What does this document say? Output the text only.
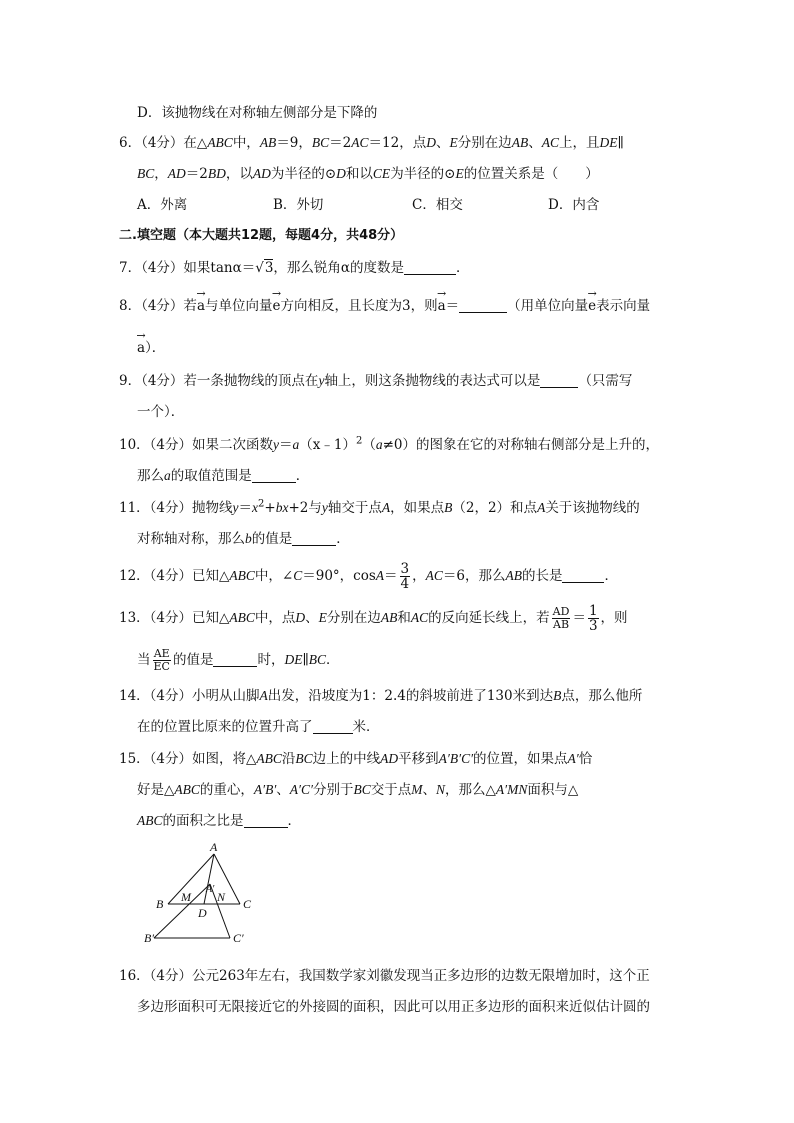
D．该抛物线在对称轴左侧部分是下降的
6．（4分）在△ABC中，AB＝9，BC＝2AC＝12，点D、E分别在边AB、AC上，且DE∥
BC，AD＝2BD，以AD为半径的⊙D和以CE为半径的⊙E的位置关系是（　　）
A．外离	B．外切	C．相交	D．内含
二.填空题（本大题共12题，每题4分，共48分）
7．（4分）如果tanα＝√3，那么锐角α的度数是	．
8．（4分）若→ a与单位向量→ e方向相反，且长度为3，则→ a＝	（用单位向量→ e表示向量
→ a）．
9．（4分）若一条抛物线的顶点在y轴上，则这条抛物线的表达式可以是	（只需写
一个）．
10．（4分）如果二次函数y＝a（x﹣1）$^2$（a≠0）的图象在它的对称轴右侧部分是上升的，
那么a的取值范围是	．
11．（4分）抛物线$y=x^2+bx+2$与y轴交于点A，如果点B（2，2）和点A关于该抛物线的
对称轴对称，那么b的值是	．
12．（4分）已知△ABC中，∠C＝90°，$\cos A= \frac{3}{4}$ ，AC＝6，那么AB的长是	．
13．（4分）已知△ABC中，点D、E分别在边AB和AC的反向延长线上，若 $\frac{AD}{AB} = \frac{1}{3}$ ，则
当 $\frac{AE}{EC}$ 的值是	时，DE∥BC．
14．（4分）小明从山脚A出发，沿坡度为1：2.4的斜坡前进了130米到达B点，那么他所
在的位置比原来的位置升高了	米．
15．（4分）如图，将△ABC沿BC边上的中线AD平移到A′B′C′的位置，如果点A′恰
好是△ABC的重心，A′B′、A′C′分别于BC交于点M、N，那么△A′MN面积与△
ABC的面积之比是	．
A
B	C
M N
A′
D
B′	C′
16．（4分）公元263年左右，我国数学家刘徽发现当正多边形的边数无限增加时，这个正
多边形面积可无限接近它的外接圆的面积，因此可以用正多边形的面积来近似估计圆的
